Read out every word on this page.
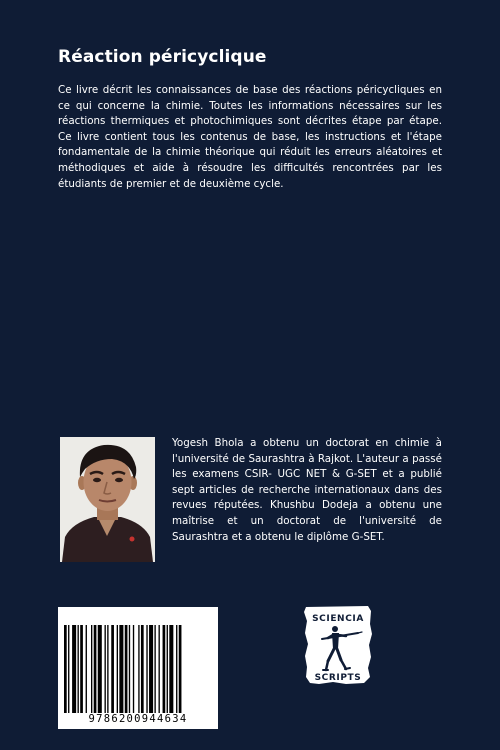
Réaction péricyclique

Ce livre décrit les connaissances de base des réactions péricycliques en ce qui concerne la chimie. Toutes les informations nécessaires sur les réactions thermiques et photochimiques sont décrites étape par étape. Ce livre contient tous les contenus de base, les instructions et l'étape fondamentale de la chimie théorique qui réduit les erreurs aléatoires et méthodiques et aide à résoudre les difficultés rencontrées par les étudiants de premier et de deuxième cycle.

Yogesh Bhola a obtenu un doctorat en chimie à l'université de Saurashtra à Rajkot. L'auteur a passé les examens CSIR- UGC NET & G-SET et a publié sept articles de recherche internationaux dans des revues réputées. Khushbu Dodeja a obtenu une maîtrise et un doctorat de l'université de Saurashtra et a obtenu le diplôme G-SET.

9786200944634
SCIENCIA
SCRIPTS
